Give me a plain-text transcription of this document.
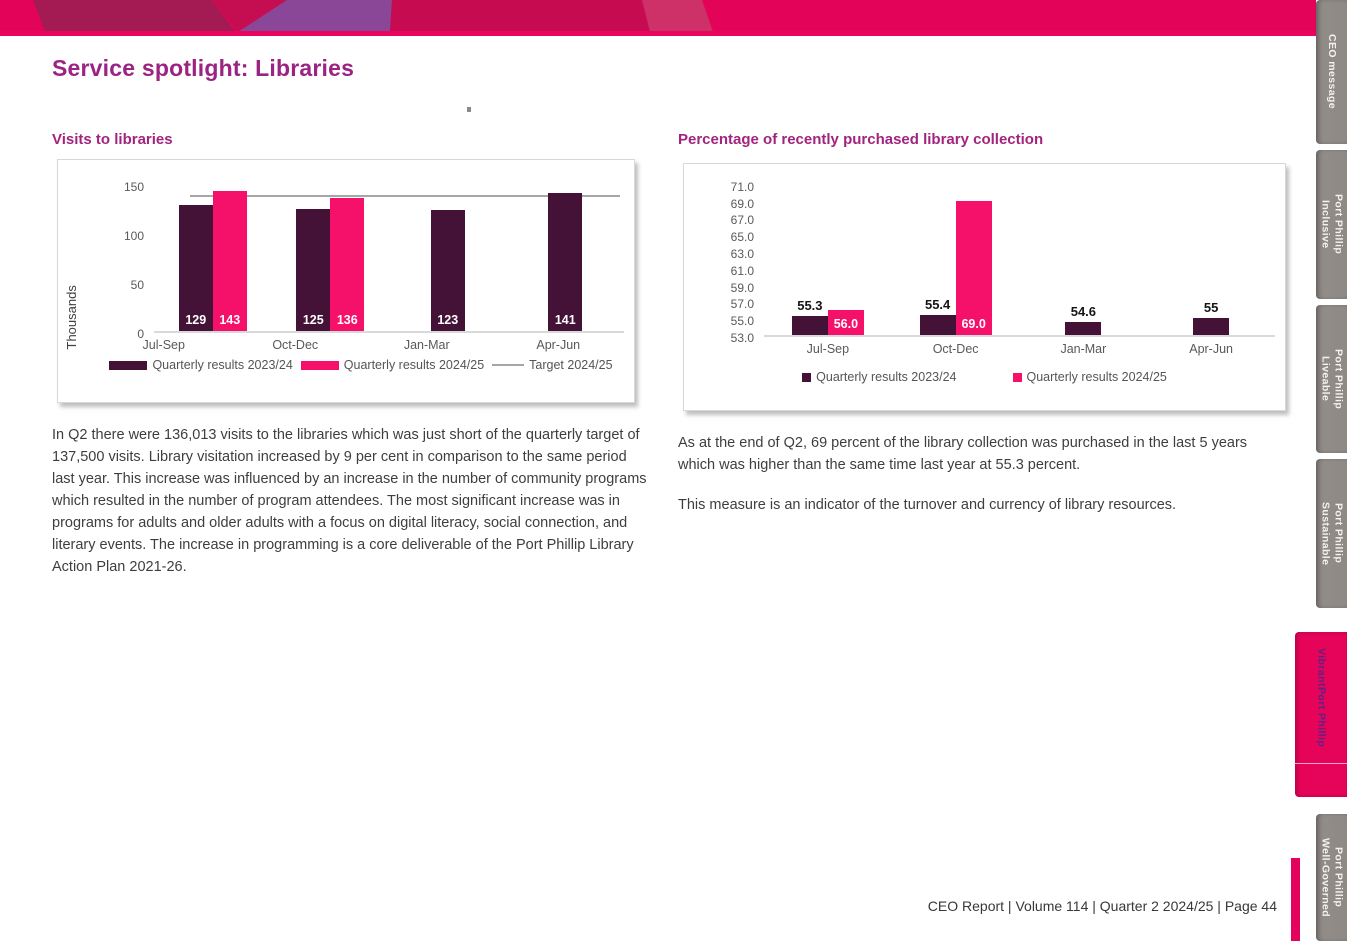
Service spotlight: Libraries
Visits to libraries	Percentage of recently purchased library collection
Thousands
150
100
50
0
129	143	125	136	123	141
Jul-Sep	Oct-Dec	Jan-Mar	Apr-Jun
Quarterly results 2023/24	Quarterly results 2024/25	Target 2024/25
71.0
69.0
67.0
65.0
63.0
61.0
59.0
57.0
55.0
53.0
55.3
56.0
55.4
69.0
54.6	55
Jul-Sep	Oct-Dec	Jan-Mar	Apr-Jun
Quarterly results 2023/24	Quarterly results 2024/25
In Q2 there were 136,013 visits to the libraries which was just short of the quarterly target of 137,500 visits. Library visitation increased by 9 per cent in comparison to the same period last year. This increase was influenced by an increase in the number of community programs which resulted in the number of program attendees. The most significant increase was in programs for adults and older adults with a focus on digital literacy, social connection, and literary events. The increase in programming is a core deliverable of the Port Phillip Library Action Plan 2021-26.

As at the end of Q2, 69 percent of the library collection was purchased in the last 5 years which was higher than the same time last year at 55.3 percent.

This measure is an indicator of the turnover and currency of library resources.

CEO Report | Volume 114 | Quarter 2 2024/25 | Page 44
CEO message
Inclusive Port Phillip
Liveable Port Phillip
Sustainable Port Phillip
Vibrant
Port Phillip
Well-Governed Port Phillip
